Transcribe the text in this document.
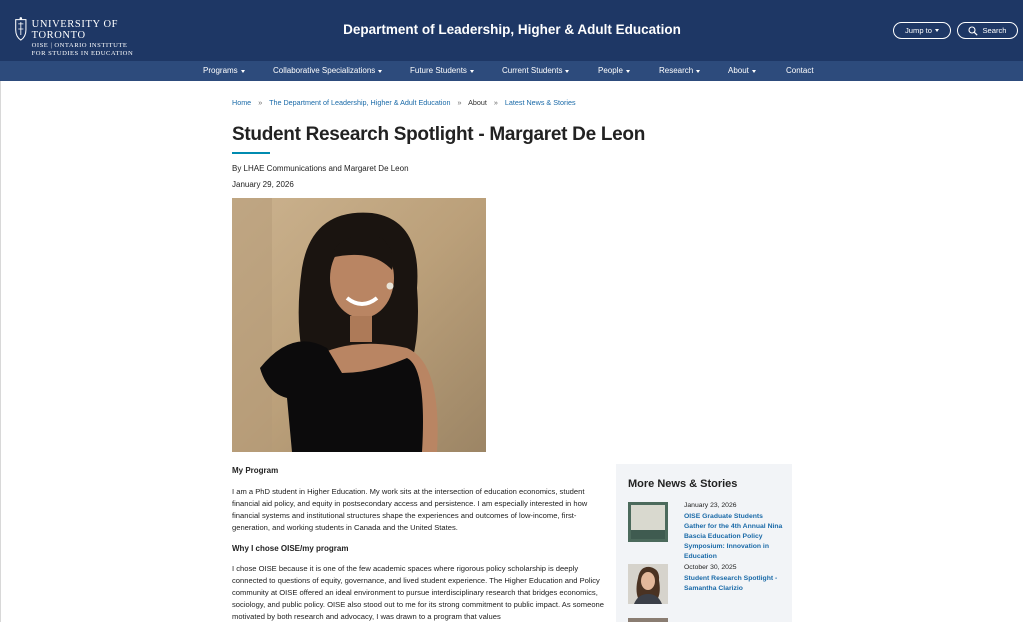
UNIVERSITY OF TORONTO
OISE | ONTARIO INSTITUTE
FOR STUDIES IN EDUCATION
Department of Leadership, Higher & Adult Education	Jump to	Search
Programs	Collaborative Specializations	Future Students	Current Students	People	Research	About	Contact
Home » The Department of Leadership, Higher & Adult Education » About » Latest News & Stories
Student Research Spotlight - Margaret De Leon
By LHAE Communications and Margaret De Leon
January 29, 2026
My Program

I am a PhD student in Higher Education. My work sits at the intersection of education economics, student financial aid policy, and equity in postsecondary access and persistence. I am especially interested in how financial systems and institutional structures shape the experiences and outcomes of low-income, first-generation, and working students in Canada and the United States.

Why I chose OISE/my program

I chose OISE because it is one of the few academic spaces where rigorous policy scholarship is deeply connected to questions of equity, governance, and lived student experience. The Higher Education and Policy community at OISE offered an ideal environment to pursue interdisciplinary research that bridges economics, sociology, and public policy. OISE also stood out to me for its strong commitment to public impact. As someone motivated by both research and advocacy, I was drawn to a program that values

More News & Stories
January 23, 2026
OISE Graduate Students Gather for the 4th Annual Nina Bascia Education Policy Symposium: Innovation in Education
October 30, 2025
Student Research Spotlight - Samantha Clarizio
